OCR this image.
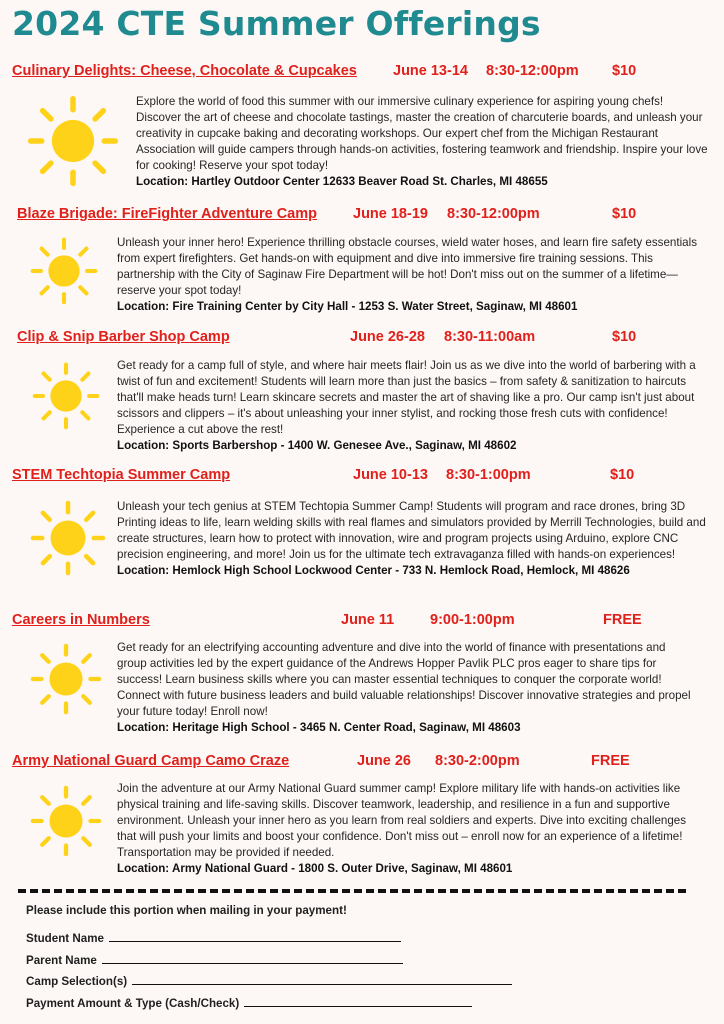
2024 CTE Summer Offerings
Culinary Delights: Cheese, Chocolate & Cupcakes June 13-14 8:30-12:00pm $10
Explore the world of food this summer with our immersive culinary experience for aspiring young chefs! Discover the art of cheese and chocolate tastings, master the creation of charcuterie boards, and unleash your creativity in cupcake baking and decorating workshops. Our expert chef from the Michigan Restaurant Association will guide campers through hands-on activities, fostering teamwork and friendship. Inspire your love for cooking! Reserve your spot today!
Location: Hartley Outdoor Center 12633 Beaver Road St. Charles, MI 48655
Blaze Brigade: FireFighter Adventure Camp June 18-19 8:30-12:00pm	$10
Unleash your inner hero! Experience thrilling obstacle courses, wield water hoses, and learn fire safety essentials from expert firefighters. Get hands-on with equipment and dive into immersive fire training sessions. This partnership with the City of Saginaw Fire Department will be hot! Don't miss out on the summer of a lifetime—reserve your spot today!
Location: Fire Training Center by City Hall - 1253 S. Water Street, Saginaw, MI 48601
Clip & Snip Barber Shop Camp	June 26-28 8:30-11:00am	$10
Get ready for a camp full of style, and where hair meets flair! Join us as we dive into the world of barbering with a twist of fun and excitement! Students will learn more than just the basics – from safety & sanitization to haircuts that'll make heads turn! Learn skincare secrets and master the art of shaving like a pro. Our camp isn't just about scissors and clippers – it's about unleashing your inner stylist, and rocking those fresh cuts with confidence! Experience a cut above the rest!
Location: Sports Barbershop - 1400 W. Genesee Ave., Saginaw, MI 48602
STEM Techtopia Summer Camp	June 10-13 8:30-1:00pm	$10
Unleash your tech genius at STEM Techtopia Summer Camp! Students will program and race drones, bring 3D Printing ideas to life, learn welding skills with real flames and simulators provided by Merrill Technologies, build and create structures, learn how to protect with innovation, wire and program projects using Arduino, explore CNC precision engineering, and more! Join us for the ultimate tech extravaganza filled with hands-on experiences!
Location: Hemlock High School Lockwood Center - 733 N. Hemlock Road, Hemlock, MI 48626
Careers in Numbers	June 11 9:00-1:00pm	FREE
Get ready for an electrifying accounting adventure and dive into the world of finance with presentations and group activities led by the expert guidance of the Andrews Hopper Pavlik PLC pros eager to share tips for success! Learn business skills where you can master essential techniques to conquer the corporate world! Connect with future business leaders and build valuable relationships! Discover innovative strategies and propel your future today! Enroll now!
Location: Heritage High School - 3465 N. Center Road, Saginaw, MI 48603
Army National Guard Camp Camo Craze	June 26 8:30-2:00pm	FREE
Join the adventure at our Army National Guard summer camp! Explore military life with hands-on activities like physical training and life-saving skills. Discover teamwork, leadership, and resilience in a fun and supportive environment. Unleash your inner hero as you learn from real soldiers and experts. Dive into exciting challenges that will push your limits and boost your confidence. Don't miss out – enroll now for an experience of a lifetime! Transportation may be provided if needed.
Location: Army National Guard - 1800 S. Outer Drive, Saginaw, MI 48601
Please include this portion when mailing in your payment!
Student Name
Parent Name
Camp Selection(s)
Payment Amount & Type (Cash/Check)
